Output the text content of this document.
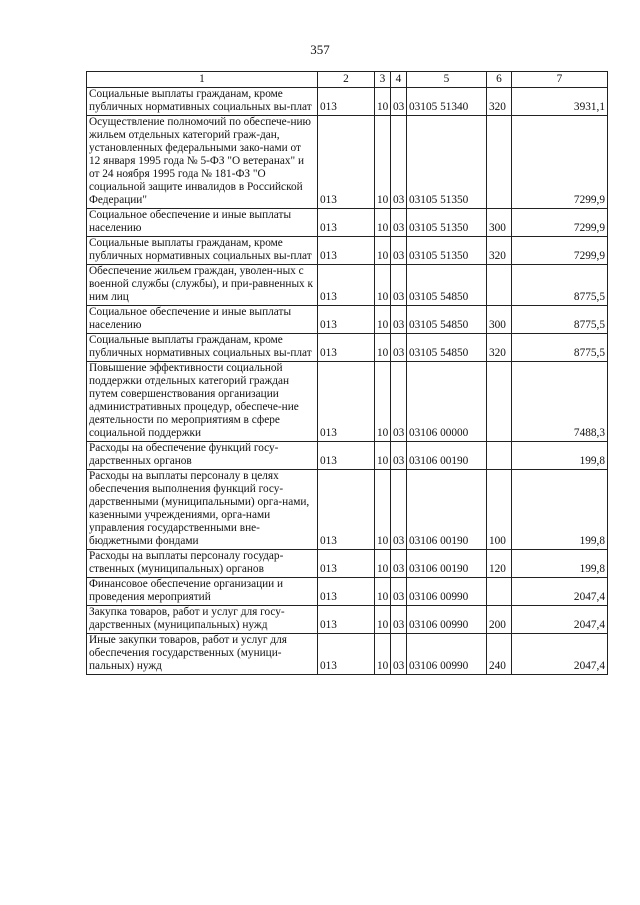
357
1	2	3	4	5	6	7

Социальные выплаты гражданам, кроме публичных нормативных социальных вы-плат	013	10	03	03105 51340	320	3931,1

Осуществление полномочий по обеспече-нию жильем отдельных категорий граж-дан, установленных федеральными зако-нами от 12 января 1995 года № 5-ФЗ "О ветеранах" и от 24 ноября 1995 года № 181-ФЗ "О социальной защите инвалидов в Российской Федерации"	013	10	03	03105 51350		7299,9

Социальное обеспечение и иные выплаты населению	013	10	03	03105 51350	300	7299,9

Социальные выплаты гражданам, кроме публичных нормативных социальных вы-плат	013	10	03	03105 51350	320	7299,9

Обеспечение жильем граждан, уволен-ных с военной службы (службы), и при-равненных к ним лиц	013	10	03	03105 54850		8775,5

Социальное обеспечение и иные выплаты населению	013	10	03	03105 54850	300	8775,5

Социальные выплаты гражданам, кроме публичных нормативных социальных вы-плат	013	10	03	03105 54850	320	8775,5

Повышение эффективности социальной поддержки отдельных категорий граждан путем совершенствования организации административных процедур, обеспече-ние деятельности по мероприятиям в сфере социальной поддержки	013	10	03	03106 00000		7488,3

Расходы на обеспечение функций госу-дарственных органов	013	10	03	03106 00190		199,8

Расходы на выплаты персоналу в целях обеспечения выполнения функций госу-дарственными (муниципальными) орга-нами, казенными учреждениями, орга-нами управления государственными вне-бюджетными фондами	013	10	03	03106 00190	100	199,8

Расходы на выплаты персоналу государ-ственных (муниципальных) органов	013	10	03	03106 00190	120	199,8

Финансовое обеспечение организации и проведения мероприятий	013	10	03	03106 00990		2047,4

Закупка товаров, работ и услуг для госу-дарственных (муниципальных) нужд	013	10	03	03106 00990	200	2047,4

Иные закупки товаров, работ и услуг для обеспечения государственных (муници-пальных) нужд	013	10	03	03106 00990	240	2047,4
